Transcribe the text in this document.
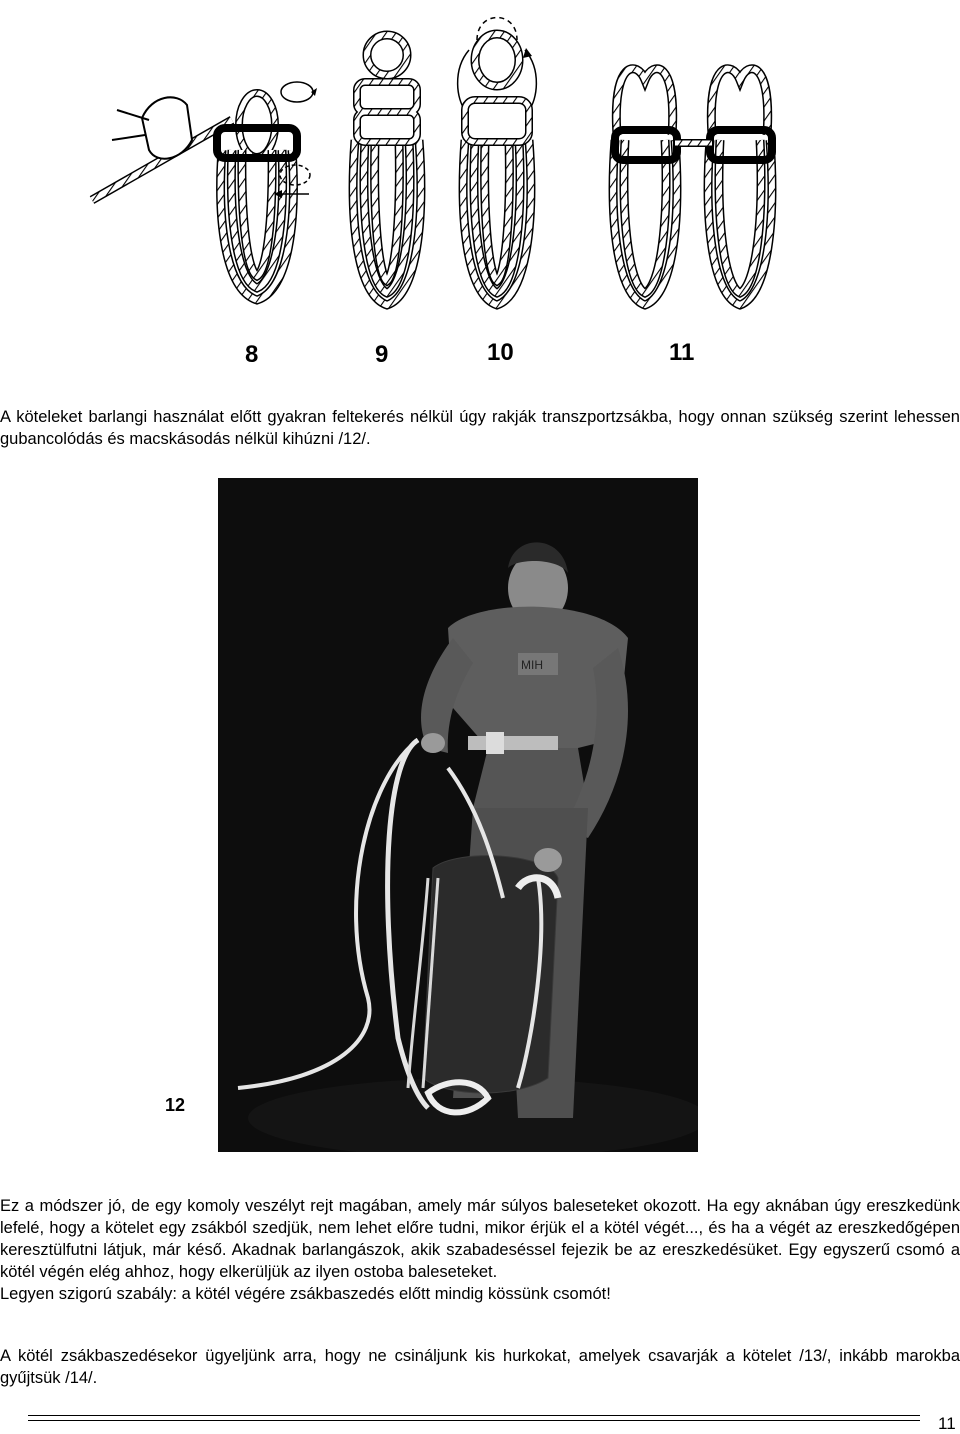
8	9	10	11

A köteleket barlangi használat előtt gyakran feltekerés nélkül úgy rakják transzportzsákba, hogy onnan szükség szerint lehessen gubancolódás és macskásodás nélkül kihúzni /12/.

MIH
12

Ez a módszer jó, de egy komoly veszélyt rejt magában, amely már súlyos baleseteket okozott. Ha egy aknában úgy ereszkedünk lefelé, hogy a kötelet egy zsákból szedjük, nem lehet előre tudni, mikor érjük el a kötél végét..., és ha a végét az ereszkedőgépen keresztülfutni látjuk, már késő. Akadnak barlangászok, akik szabadeséssel fejezik be az ereszkedésüket. Egy egyszerű csomó a kötél végén elég ahhoz, hogy elkerüljük az ilyen ostoba baleseteket.

Legyen szigorú szabály: a kötél végére zsákbaszedés előtt mindig kössünk csomót!

A kötél zsákbaszedésekor ügyeljünk arra, hogy ne csináljunk kis hurkokat, amelyek csavarják a kötelet /13/, inkább marokba gyűjtsük /14/.

11
